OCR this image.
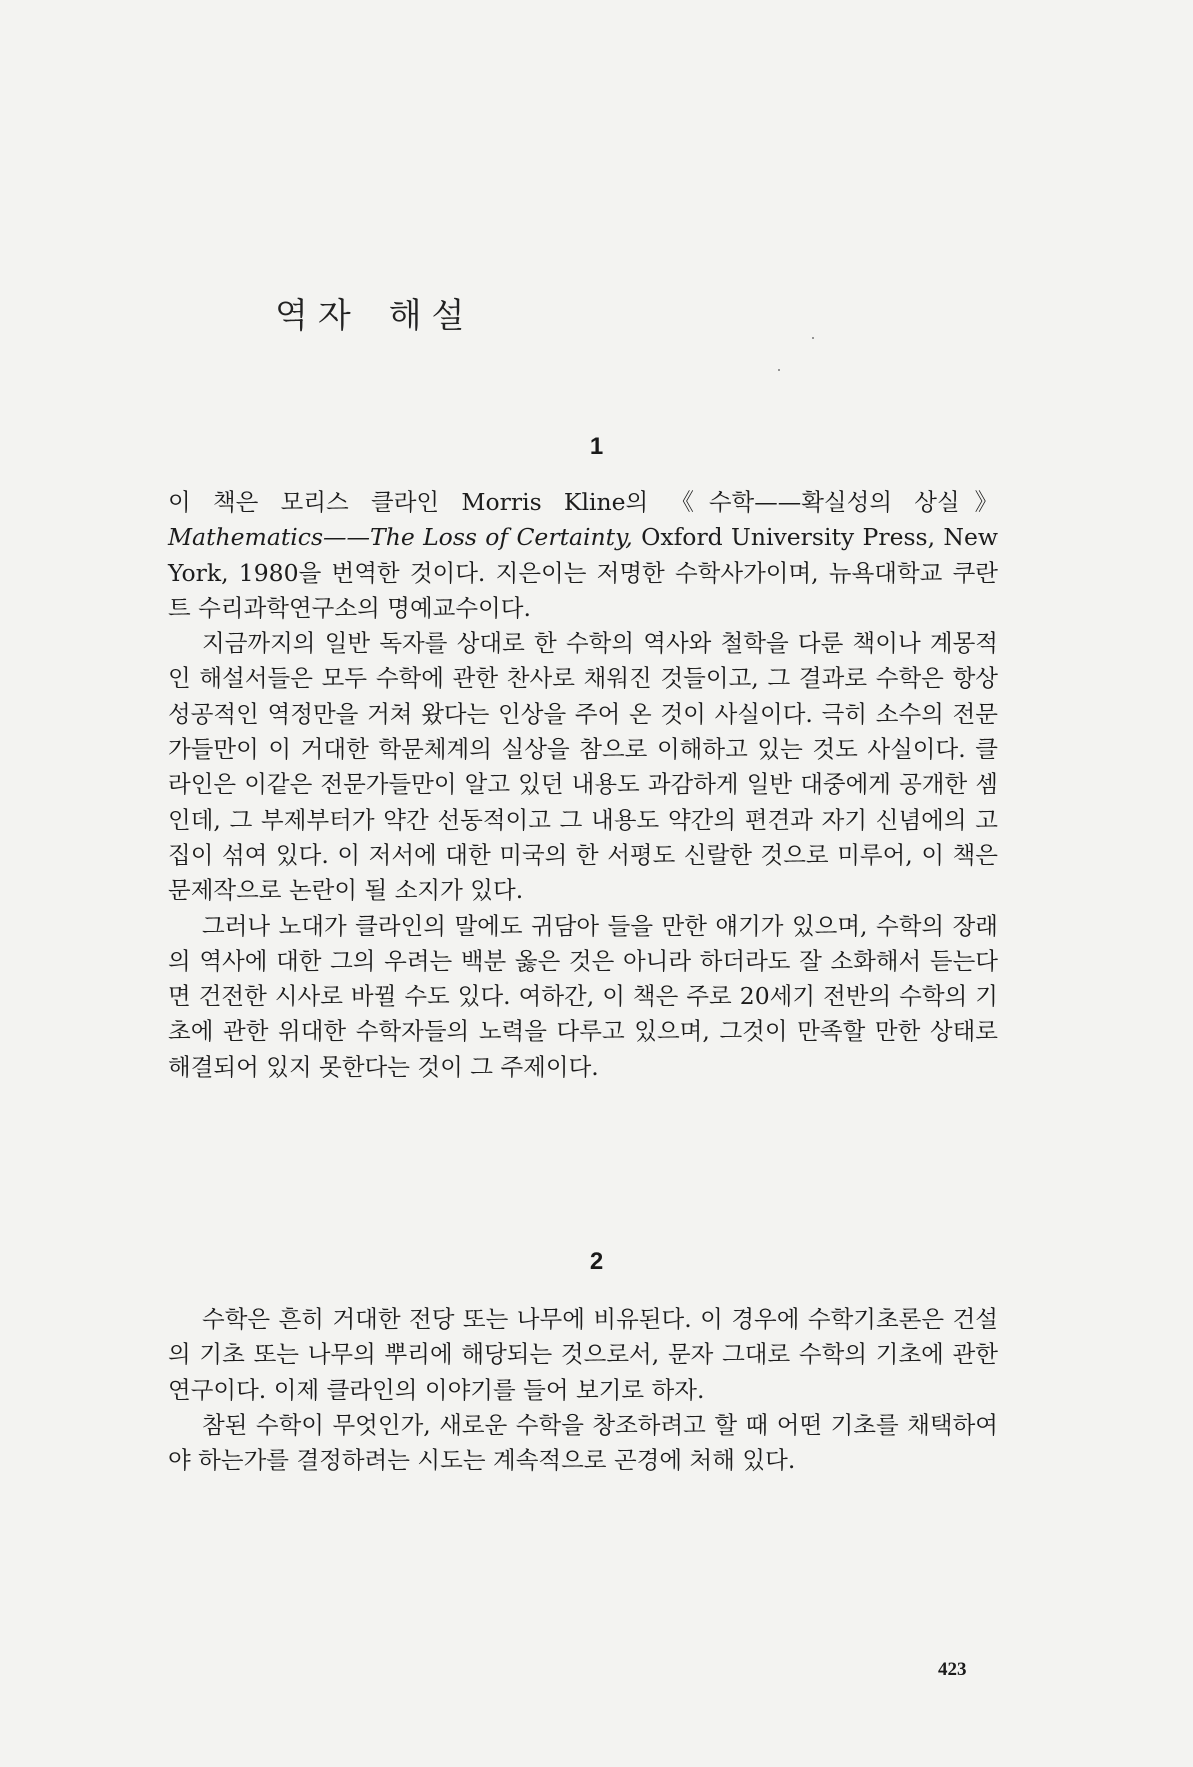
역자 해설
1

이 책은 모리스 클라인 Morris Kline의 《수학——확실성의 상실》 Mathematics——The Loss of Certainty, Oxford University Press, New York, 1980을 번역한 것이다. 지은이는 저명한 수학사가이며, 뉴욕대학교 쿠란트 수리과학연구소의 명예교수이다.

지금까지의 일반 독자를 상대로 한 수학의 역사와 철학을 다룬 책이나 계몽적인 해설서들은 모두 수학에 관한 찬사로 채워진 것들이고, 그 결과로 수학은 항상 성공적인 역정만을 거쳐 왔다는 인상을 주어 온 것이 사실이다. 극히 소수의 전문가들만이 이 거대한 학문체계의 실상을 참으로 이해하고 있는 것도 사실이다. 클라인은 이같은 전문가들만이 알고 있던 내용도 과감하게 일반 대중에게 공개한 셈인데, 그 부제부터가 약간 선동적이고 그 내용도 약간의 편견과 자기 신념에의 고집이 섞여 있다. 이 저서에 대한 미국의 한 서평도 신랄한 것으로 미루어, 이 책은 문제작으로 논란이 될 소지가 있다.

그러나 노대가 클라인의 말에도 귀담아 들을 만한 얘기가 있으며, 수학의 장래의 역사에 대한 그의 우려는 백분 옳은 것은 아니라 하더라도 잘 소화해서 듣는다면 건전한 시사로 바뀔 수도 있다. 여하간, 이 책은 주로 20세기 전반의 수학의 기초에 관한 위대한 수학자들의 노력을 다루고 있으며, 그것이 만족할 만한 상태로 해결되어 있지 못한다는 것이 그 주제이다.

2

수학은 흔히 거대한 전당 또는 나무에 비유된다. 이 경우에 수학기초론은 건설의 기초 또는 나무의 뿌리에 해당되는 것으로서, 문자 그대로 수학의 기초에 관한 연구이다. 이제 클라인의 이야기를 들어 보기로 하자.

참된 수학이 무엇인가, 새로운 수학을 창조하려고 할 때 어떤 기초를 채택하여야 하는가를 결정하려는 시도는 계속적으로 곤경에 처해 있다.

423
